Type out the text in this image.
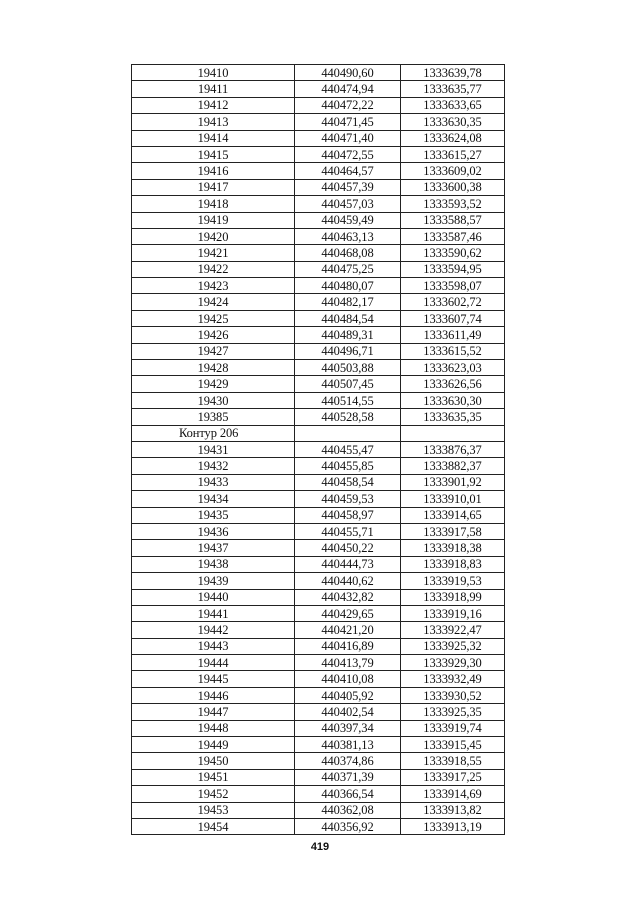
19410	440490,60	1333639,78
19411	440474,94	1333635,77
19412	440472,22	1333633,65
19413	440471,45	1333630,35
19414	440471,40	1333624,08
19415	440472,55	1333615,27
19416	440464,57	1333609,02
19417	440457,39	1333600,38
19418	440457,03	1333593,52
19419	440459,49	1333588,57
19420	440463,13	1333587,46
19421	440468,08	1333590,62
19422	440475,25	1333594,95
19423	440480,07	1333598,07
19424	440482,17	1333602,72
19425	440484,54	1333607,74
19426	440489,31	1333611,49
19427	440496,71	1333615,52
19428	440503,88	1333623,03
19429	440507,45	1333626,56
19430	440514,55	1333630,30
19385	440528,58	1333635,35
Контур 206		
19431	440455,47	1333876,37
19432	440455,85	1333882,37
19433	440458,54	1333901,92
19434	440459,53	1333910,01
19435	440458,97	1333914,65
19436	440455,71	1333917,58
19437	440450,22	1333918,38
19438	440444,73	1333918,83
19439	440440,62	1333919,53
19440	440432,82	1333918,99
19441	440429,65	1333919,16
19442	440421,20	1333922,47
19443	440416,89	1333925,32
19444	440413,79	1333929,30
19445	440410,08	1333932,49
19446	440405,92	1333930,52
19447	440402,54	1333925,35
19448	440397,34	1333919,74
19449	440381,13	1333915,45
19450	440374,86	1333918,55
19451	440371,39	1333917,25
19452	440366,54	1333914,69
19453	440362,08	1333913,82
19454	440356,92	1333913,19
419
